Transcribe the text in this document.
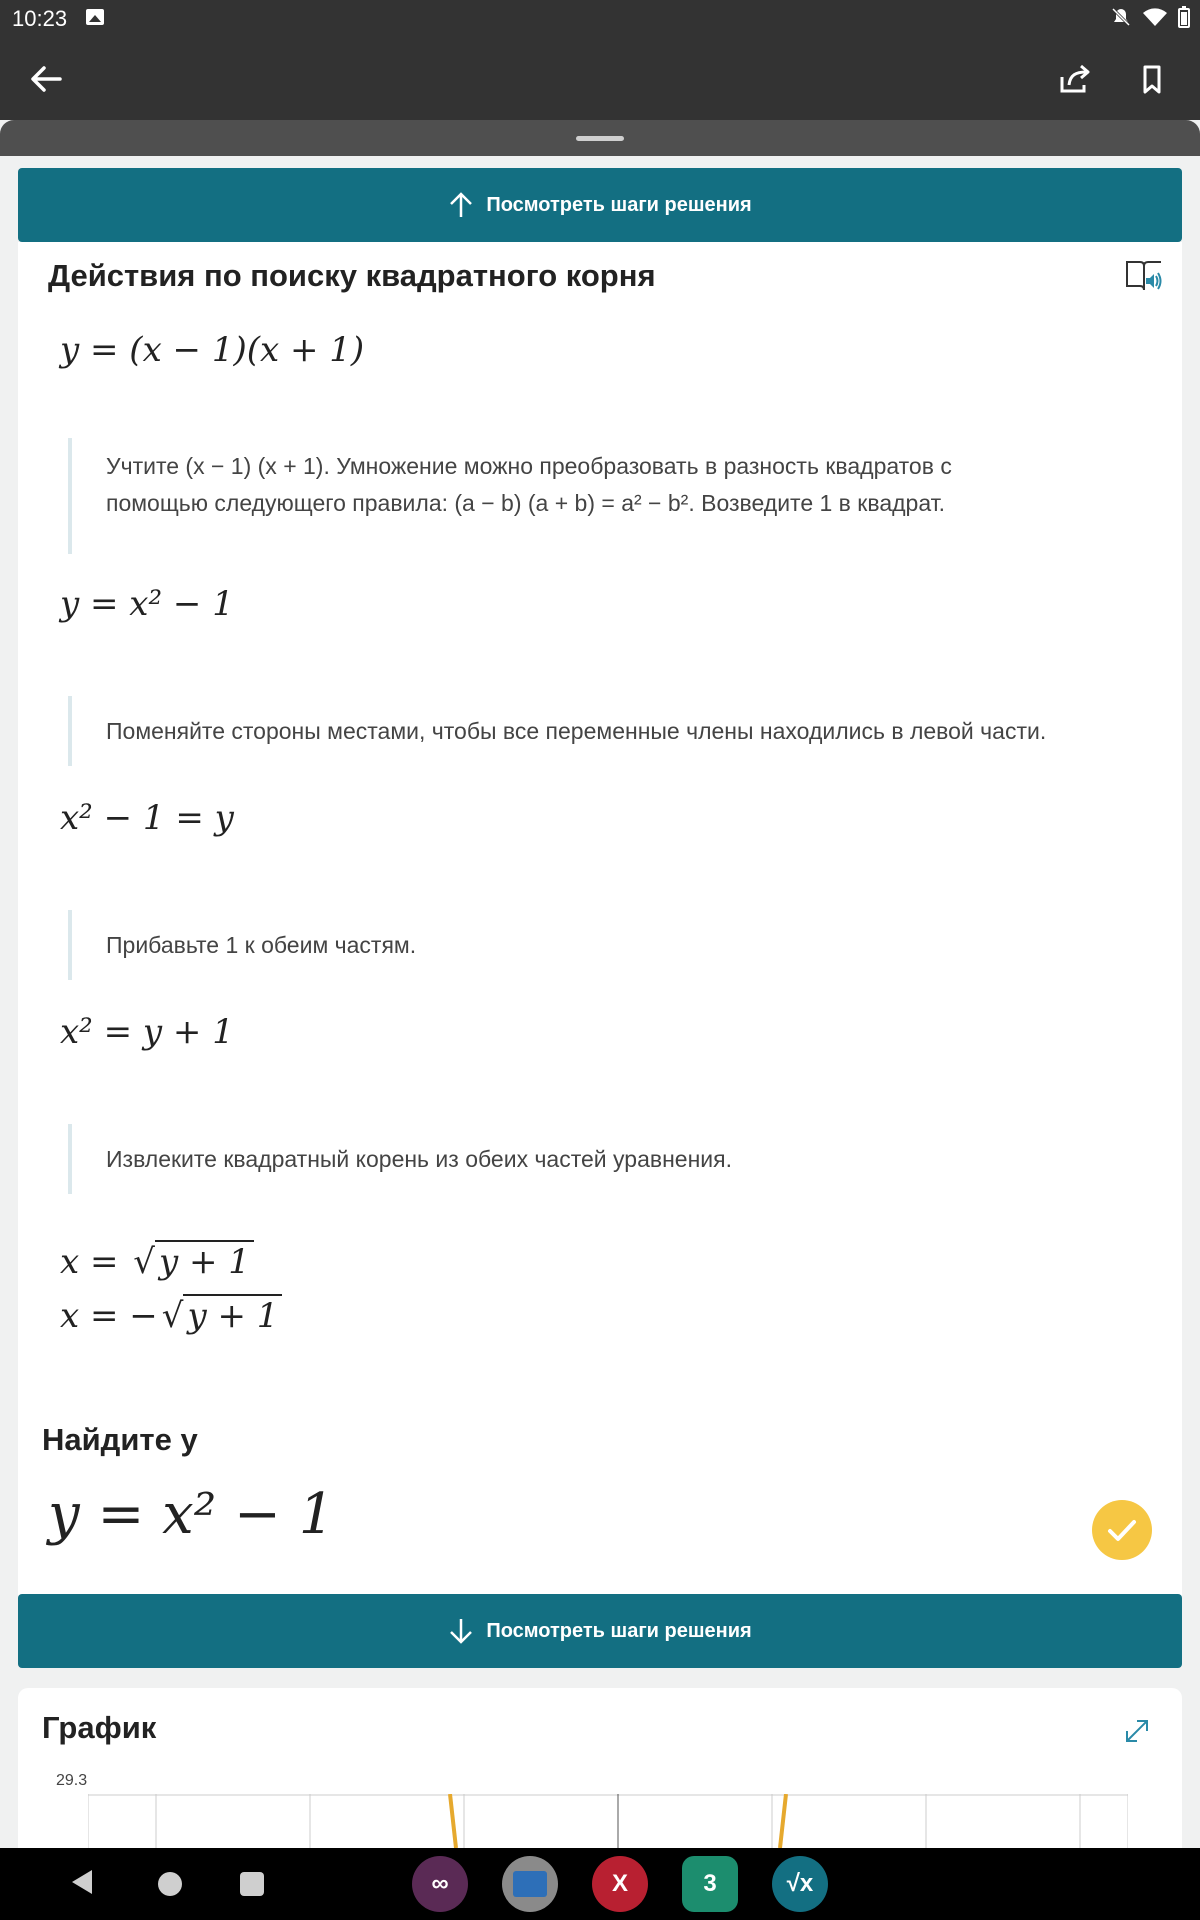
10:23
Посмотреть шаги решения
Действия по поиску квадратного корня
y = (x − 1)(x + 1)
Учтите (x − 1) (x + 1). Умножение можно преобразовать в разность квадратов с
помощью следующего правила: (a − b) (a + b) = a² − b². Возведите 1 в квадрат.
y = x² − 1
Поменяйте стороны местами, чтобы все переменные члены находились в левой части.
x² − 1 = y
Прибавьте 1 к обеим частям.
x² = y + 1
Извлеките квадратный корень из обеих частей уравнения.
x = √ y + 1
x = − √ y + 1
Найдите y
y = x² − 1
Посмотреть шаги решения
График
29.3
∞	X	3	√x
